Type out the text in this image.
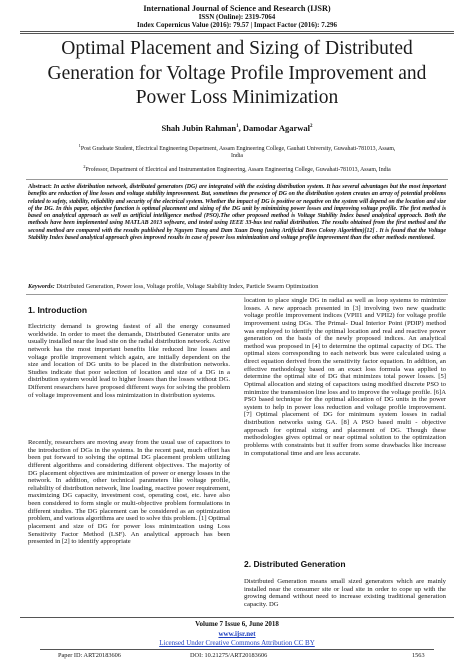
International Journal of Science and Research (IJSR)
ISSN (Online): 2319-7064
Index Copernicus Value (2016): 79.57 | Impact Factor (2016): 7.296
Optimal Placement and Sizing of Distributed
Generation for Voltage Profile Improvement and
Power Loss Minimization
Shah Jubin Rahman$^1$, Damodar Agarwal$^2$
$^1$Post Graduate Student, Electrical Engineering Department, Assam Engineering College, Gauhati University, Guwahati-781013, Assam,
India
$^2$Professor, Department of Electrical and Instrumentation Engineering, Assam Engineering College, Guwahati-781013, Assam, India
Abstract: In active distribution network, distributed generators (DG) are integrated with the existing distribution system. It has several advantages but the most important benefits are reduction of line losses and voltage stability improvement. But, sometimes the presence of DG on the distribution system creates an array of potential problems related to safety, stability, reliability and security of the electrical system. Whether the impact of DG is positive or negative on the system will depend on the location and size of the DG. In this paper, objective function is optimal placement and sizing of the DG unit by minimizing power losses and improving voltage profile. The first method is based on analytical approach as well as artificial intelligence method (PSO).The other proposed method is Voltage Stability Index based analytical approach. Both the methods have been implemented using MATLAB 2013 software, and tested using IEEE 33-bus test radial distribution. The results obtained from the first method and the second method are compared with the results published by Nguyen Tung and Dam Xuan Dong (using Artificial Bees Colony Algorithm)[12] . It is found that the Voltage Stability Index based analytical approach gives improved results in case of power loss minimization and voltage profile improvement than the other methods mentioned.
Keywords: Distributed Generation, Power loss, Voltage profile, Voltage Stability Index, Particle Swarm Optimization
1. Introduction
Electricity demand is growing fastest of all the energy consumed worldwide. In order to meet the demands, Distributed Generator units are usually installed near the load site on the radial distribution network. Active network has the most important benefits like reduced line losses and voltage profile improvement which again, are initially dependent on the size and location of DG units to be placed in the distribution networks. Studies indicate that poor selection of location and size of a DG in a distribution system would lead to higher losses than the losses without DG. Different researchers have proposed different ways for solving the problem of voltage improvement and loss minimization in distribution systems.
Recently, researchers are moving away from the usual use of capacitors to the introduction of DGs in the systems. In the recent past, much effort has been put forward to solving the optimal DG placement problem utilizing different algorithms and considering different objectives. The majority of DG placement objectives are minimization of power or energy losses in the network. In addition, other technical parameters like voltage profile, reliability of distribution network, line loading, reactive power requirement, maximizing DG capacity, investment cost, operating cost, etc. have also been considered to form single or multi-objective problem formulations in different studies. The DG placement can be considered as an optimization problem, and various algorithms are used to solve this problem. [1] Optimal placement and size of DG for power loss minimization using Loss Sensitivity Factor Method (LSF). An analytical approach has been presented in [2] to identify appropriate
location to place single DG in radial as well as loop systems to minimize losses. A new approach presented in [3] involving two new quadratic voltage profile improvement indices (VPII1 and VPII2) for voltage profile improvement using DGs. The Primal- Dual Interior Point (PDIP) method was employed to identify the optimal location and real and reactive power generation on the basis of the newly proposed indices. An analytical method was proposed in [4] to determine the optimal capacity of DG. The optimal sizes corresponding to each network bus were calculated using a direct equation derived from the sensitivity factor equation. In addition, an effective methodology based on an exact loss formula was applied to determine the optimal site of DG that minimizes total power losses. [5] Optimal allocation and sizing of capacitors using modified discrete PSO to minimize the transmission line loss and to improve the voltage profile. [6]A PSO based technique for the optimal allocation of DG units in the power system to help in power loss reduction and voltage profile improvement. [7] Optimal placement of DG for minimum system losses in radial distribution networks using GA. [8] A PSO based multi - objective approach for optimal sizing and placement of DG. Though these methodologies gives optimal or near optimal solution to the optimization problems with constraints but it suffer from some drawbacks like increase in computational time and are less accurate.
2. Distributed Generation
Distributed Generation means small sized generators which are mainly installed near the consumer site or load site in order to cope up with the growing demand without need to increase existing traditional generation capacity. DG
Volume 7 Issue 6, June 2018
www.ijsr.net
Licensed Under Creative Commons Attribution CC BY
Paper ID: ART20183606	DOI: 10.21275/ART20183606	1563
